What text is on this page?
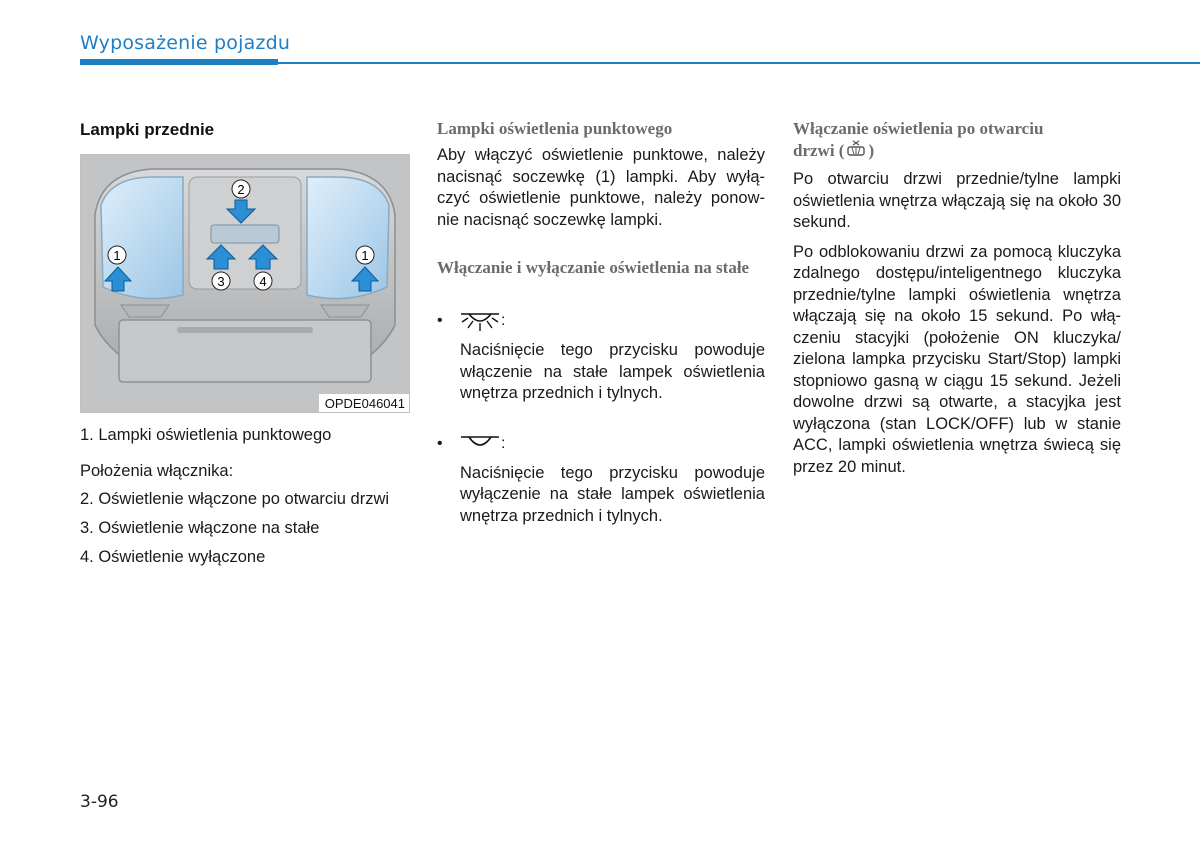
Wyposażenie pojazdu
Lampki przednie
1
2
3	4
1
OPDE046041
1. Lampki oświetlenia punktowego
Położenia włącznika:
2. Oświetlenie włączone po otwarciu drzwi
3. Oświetlenie włączone na stałe
4. Oświetlenie wyłączone
Lampki oświetlenia punktowego

Aby włączyć oświetlenie punktowe, należy nacisnąć soczewkę (1) lampki. Aby wyłą-czyć oświetlenie punktowe, należy ponow-nie nacisnąć soczewkę lampki.

Włączanie i wyłączanie oświetlenia na stałe
•	:

Naciśnięcie tego przycisku powoduje włączenie na stałe lampek oświetlenia wnętrza przednich i tylnych.

•	:

Naciśnięcie tego przycisku powoduje wyłączenie na stałe lampek oświetlenia wnętrza przednich i tylnych.

Włączanie oświetlenia po otwarciu
drzwi ( )

Po otwarciu drzwi przednie/tylne lampki oświetlenia wnętrza włączają się na około 30 sekund.

Po odblokowaniu drzwi za pomocą kluczyka zdalnego dostępu/inteligentnego kluczyka przednie/tylne lampki oświetlenia wnętrza włączają się na około 15 sekund. Po włą-czeniu stacyjki (położenie ON kluczyka/ zielona lampka przycisku Start/Stop) lampki stopniowo gasną w ciągu 15 sekund. Jeżeli dowolne drzwi są otwarte, a stacyjka jest wyłączona (stan LOCK/OFF) lub w stanie ACC, lampki oświetlenia wnętrza świecą się przez 20 minut.

3-96
